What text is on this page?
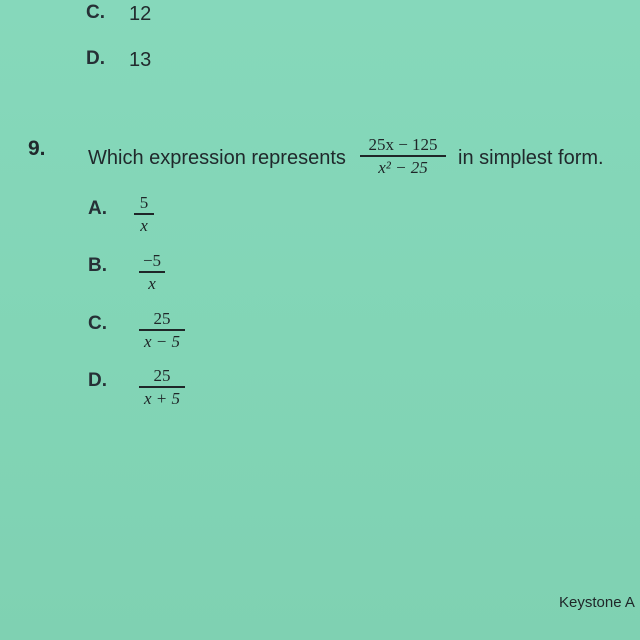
C. 12
D. 13
9. Which expression represents
25x − 125
x² − 25	in simplest form.
A.	5
x
B. −5
x
C.	25
x − 5
D.	25
x + 5
Keystone A
